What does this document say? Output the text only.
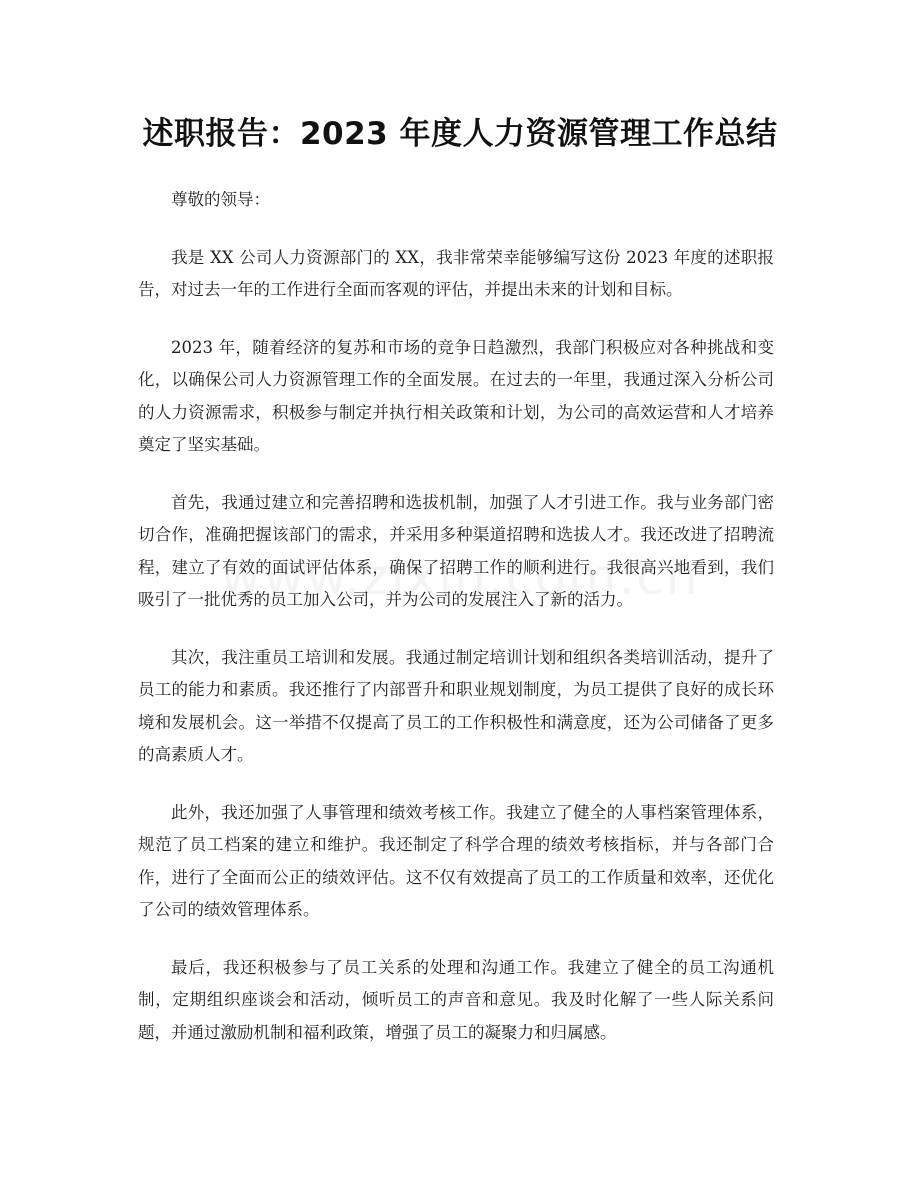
述职报告：2023 年度人力资源管理工作总结

尊敬的领导：

我是 XX 公司人力资源部门的 XX，我非常荣幸能够编写这份 2023 年度的述职报告，对过去一年的工作进行全面而客观的评估，并提出未来的计划和目标。

2023 年，随着经济的复苏和市场的竞争日趋激烈，我部门积极应对各种挑战和变化，以确保公司人力资源管理工作的全面发展。在过去的一年里，我通过深入分析公司的人力资源需求，积极参与制定并执行相关政策和计划，为公司的高效运营和人才培养奠定了坚实基础。

首先，我通过建立和完善招聘和选拔机制，加强了人才引进工作。我与业务部门密切合作，准确把握该部门的需求，并采用多种渠道招聘和选拔人才。我还改进了招聘流程，建立了有效的面试评估体系，确保了招聘工作的顺利进行。我很高兴地看到，我们吸引了一批优秀的员工加入公司，并为公司的发展注入了新的活力。

其次，我注重员工培训和发展。我通过制定培训计划和组织各类培训活动，提升了员工的能力和素质。我还推行了内部晋升和职业规划制度，为员工提供了良好的成长环境和发展机会。这一举措不仅提高了员工的工作积极性和满意度，还为公司储备了更多的高素质人才。

此外，我还加强了人事管理和绩效考核工作。我建立了健全的人事档案管理体系，规范了员工档案的建立和维护。我还制定了科学合理的绩效考核指标，并与各部门合作，进行了全面而公正的绩效评估。这不仅有效提高了员工的工作质量和效率，还优化了公司的绩效管理体系。

最后，我还积极参与了员工关系的处理和沟通工作。我建立了健全的员工沟通机制，定期组织座谈会和活动，倾听员工的声音和意见。我及时化解了一些人际关系问题，并通过激励机制和福利政策，增强了员工的凝聚力和归属感。
